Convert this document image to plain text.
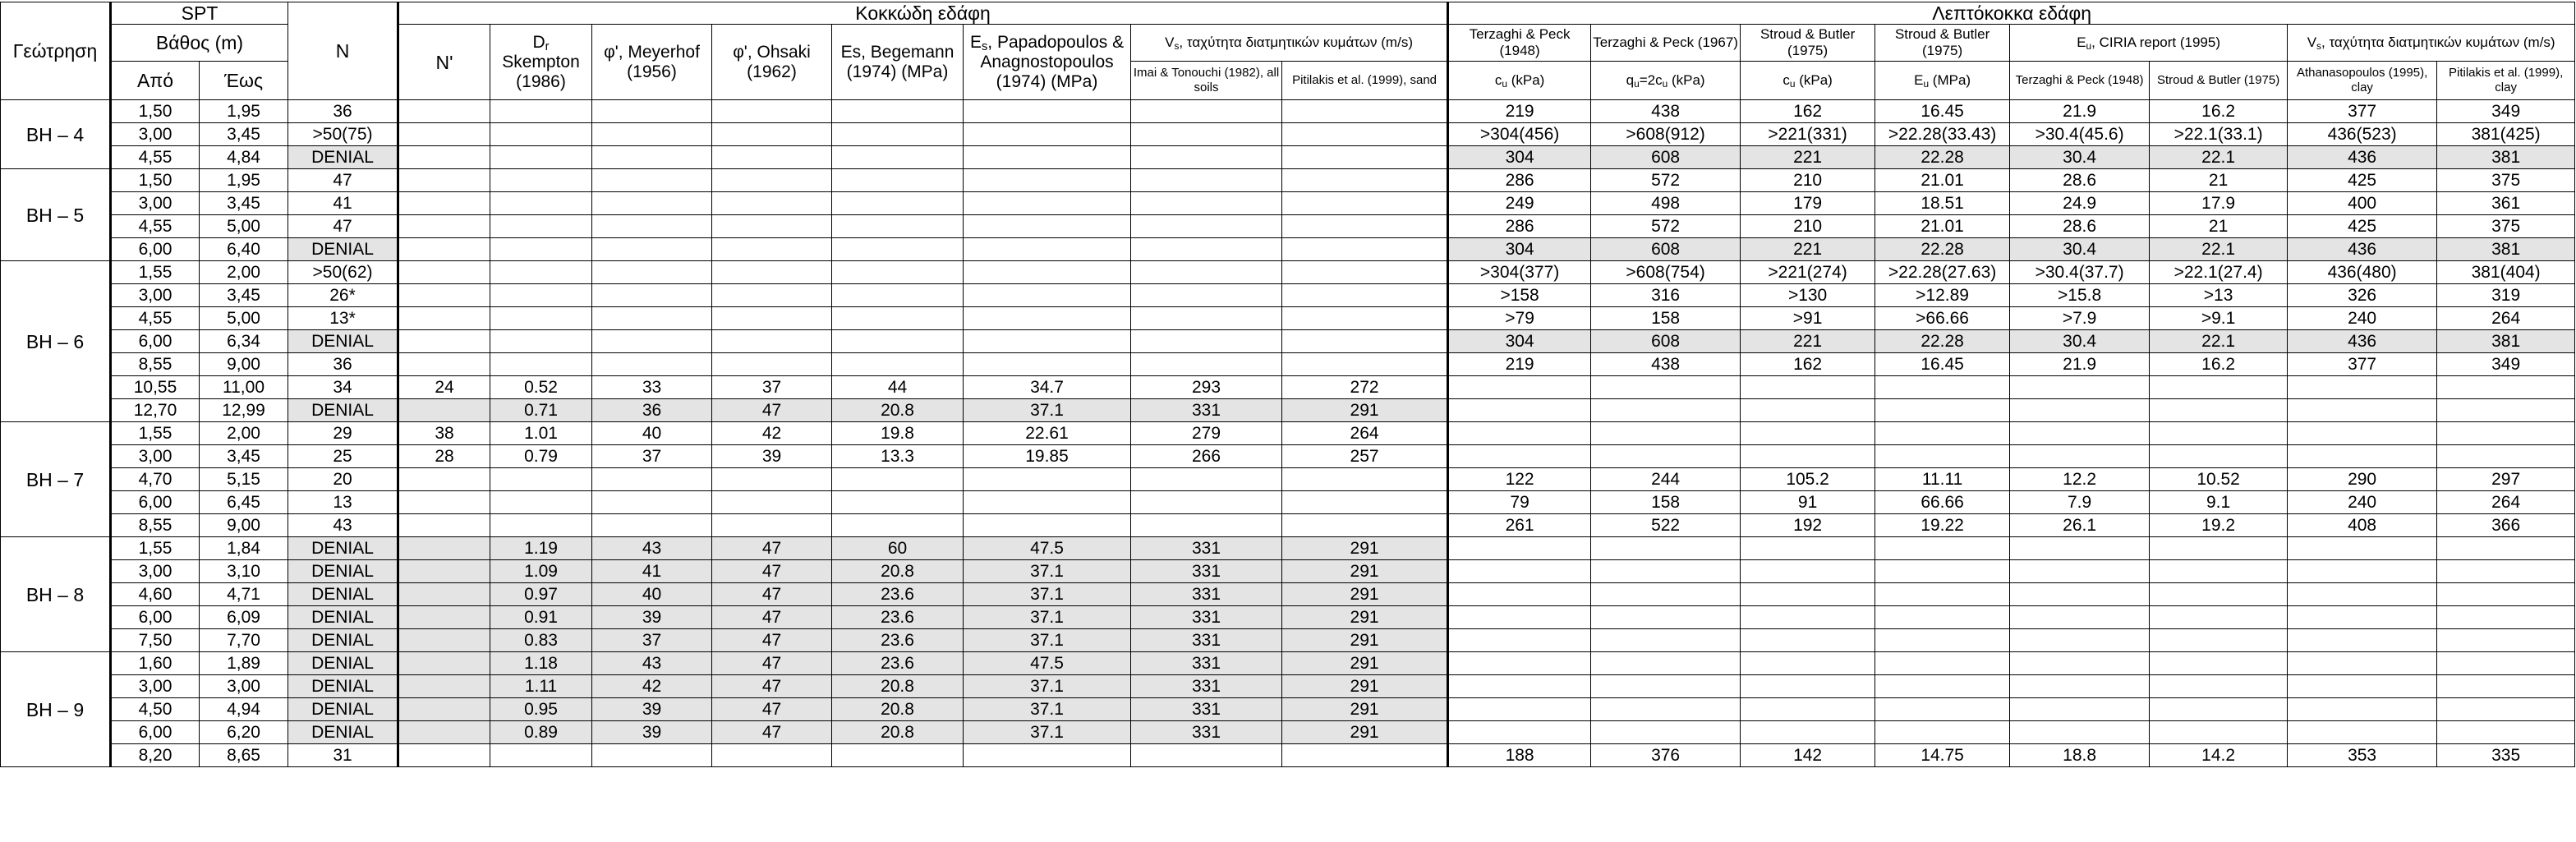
Γεώτρηση	SPT		N	Κοκκώδη εδάφη								Λεπτόκοκκα εδάφη							
	Βάθος (m)			N'	$D_r$ Skempton (1986)	φ', Meyerhof (1956)	φ', Ohsaki (1962)	Es, Begemann (1974) (MPa)	$E_s$, Papadopoulos & Anagnostopoulos (1974) (MPa)	$V_s$, ταχύτητα διατμητικών κυμάτων (m/s)		Terzaghi & Peck (1948)	Terzaghi & Peck (1967)	Stroud & Butler (1975)	Stroud & Butler (1975)	$E_u$, CIRIA report (1995)		$V_s$, ταχύτητα διατμητικών κυμάτων (m/s)	
	Από	Έως								Imai & Tonouchi (1982), all soils	Pitilakis et al. (1999), sand	$c_u$ (kPa)	$q_u=2c_u$ (kPa)	$c_u$ (kPa)	$E_u$ (MPa)	Terzaghi & Peck (1948)	Stroud & Butler (1975)	Athanasopoulos (1995), clay	Pitilakis et al. (1999), clay
BH – 4	1,50	1,95	36									219	438	162	16.45	21.9	16.2	377	349
	3,00	3,45	>50(75)									>304(456)	>608(912)	>221(331)	>22.28(33.43)	>30.4(45.6)	>22.1(33.1)	436(523)	381(425)
	4,55	4,84	DENIAL									304	608	221	22.28	30.4	22.1	436	381
BH – 5	1,50	1,95	47									286	572	210	21.01	28.6	21	425	375
	3,00	3,45	41									249	498	179	18.51	24.9	17.9	400	361
	4,55	5,00	47									286	572	210	21.01	28.6	21	425	375
	6,00	6,40	DENIAL									304	608	221	22.28	30.4	22.1	436	381
BH – 6	1,55	2,00	>50(62)									>304(377)	>608(754)	>221(274)	>22.28(27.63)	>30.4(37.7)	>22.1(27.4)	436(480)	381(404)
	3,00	3,45	26*									>158	316	>130	>12.89	>15.8	>13	326	319
	4,55	5,00	13*									>79	158	>91	>66.66	>7.9	>9.1	240	264
	6,00	6,34	DENIAL									304	608	221	22.28	30.4	22.1	436	381
	8,55	9,00	36									219	438	162	16.45	21.9	16.2	377	349
	10,55	11,00	34	24	0.52	33	37	44	34.7	293	272								
	12,70	12,99	DENIAL		0.71	36	47	20.8	37.1	331	291								
BH – 7	1,55	2,00	29	38	1.01	40	42	19.8	22.61	279	264								
	3,00	3,45	25	28	0.79	37	39	13.3	19.85	266	257								
	4,70	5,15	20									122	244	105.2	11.11	12.2	10.52	290	297
	6,00	6,45	13									79	158	91	66.66	7.9	9.1	240	264
	8,55	9,00	43									261	522	192	19.22	26.1	19.2	408	366
BH – 8	1,55	1,84	DENIAL		1.19	43	47	60	47.5	331	291								
	3,00	3,10	DENIAL		1.09	41	47	20.8	37.1	331	291								
	4,60	4,71	DENIAL		0.97	40	47	23.6	37.1	331	291								
	6,00	6,09	DENIAL		0.91	39	47	23.6	37.1	331	291								
	7,50	7,70	DENIAL		0.83	37	47	23.6	37.1	331	291								
BH – 9	1,60	1,89	DENIAL		1.18	43	47	23.6	47.5	331	291								
	3,00	3,00	DENIAL		1.11	42	47	20.8	37.1	331	291								
	4,50	4,94	DENIAL		0.95	39	47	20.8	37.1	331	291								
	6,00	6,20	DENIAL		0.89	39	47	20.8	37.1	331	291								
	8,20	8,65	31									188	376	142	14.75	18.8	14.2	353	335
